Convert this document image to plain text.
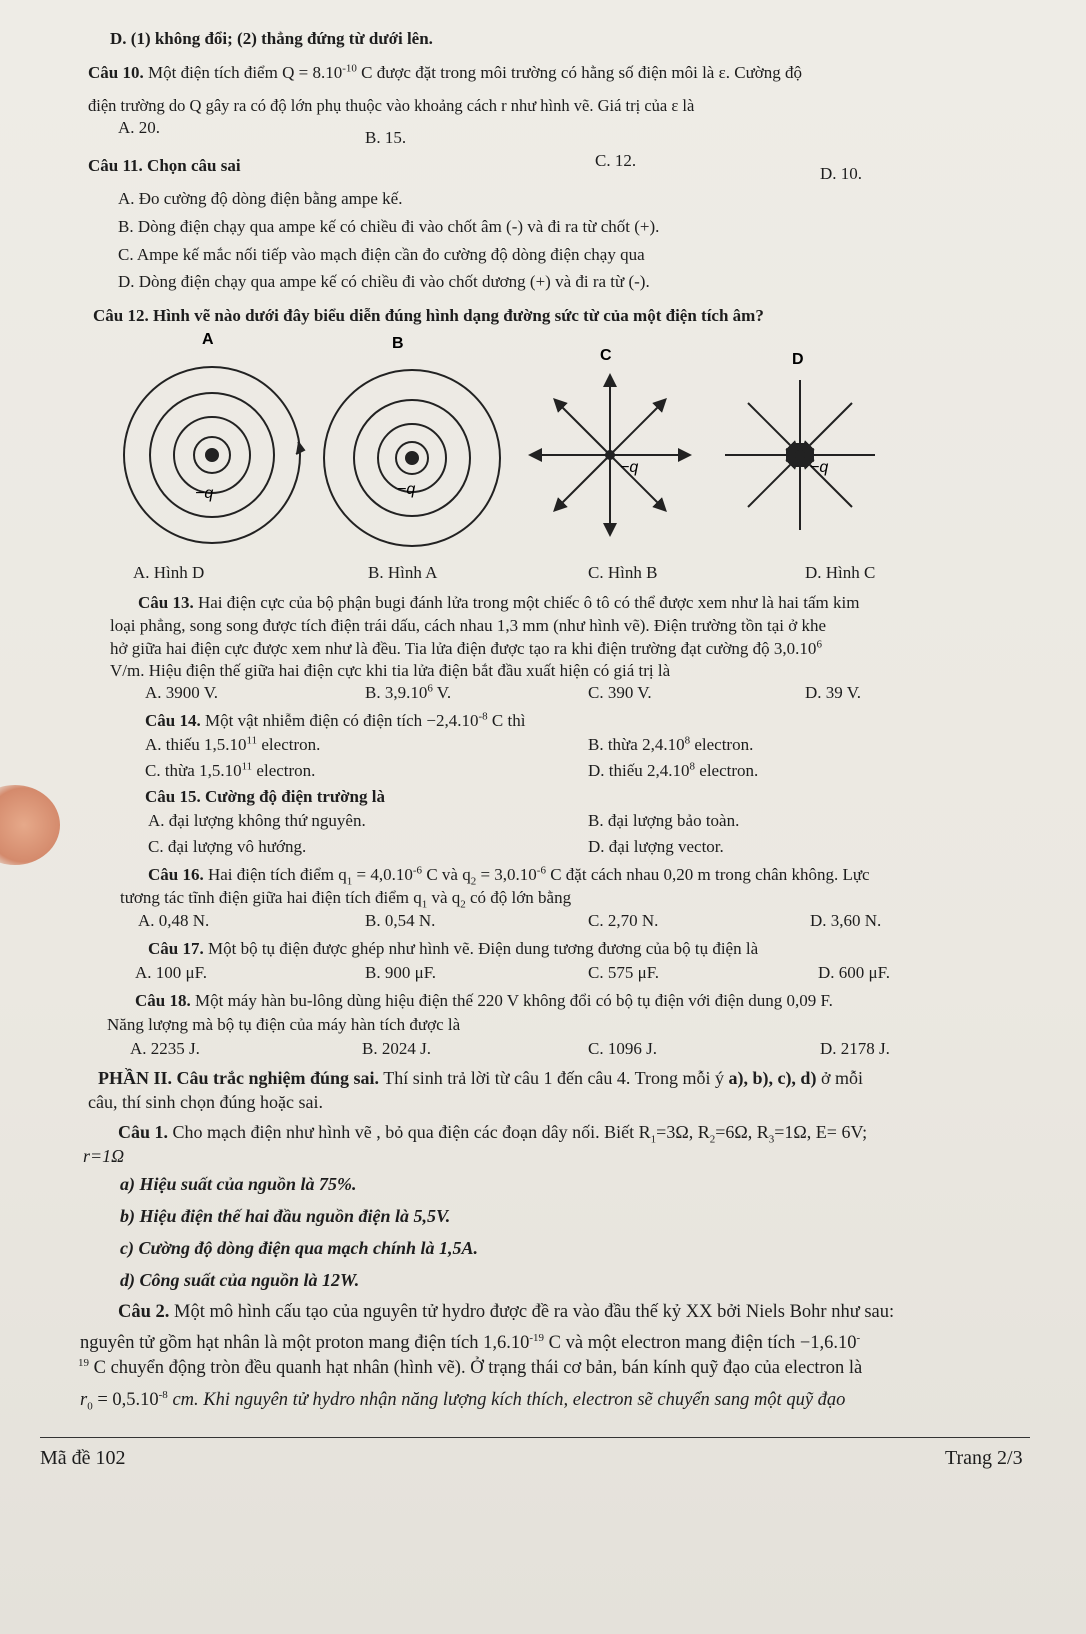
D. (1) không đổi; (2) thẳng đứng từ dưới lên.
Câu 10. Một điện tích điểm $Q = 8.10^{-10}$ C được đặt trong môi trường có hằng số điện môi là ε. Cường độ
điện trường do Q gây ra có độ lớn phụ thuộc vào khoảng cách r như hình vẽ. Giá trị của ε là
A. 20.
B. 15.
C. 12.
D. 10.
Câu 11. Chọn câu sai
A. Đo cường độ dòng điện bằng ampe kế.
B. Dòng điện chạy qua ampe kế có chiều đi vào chốt âm (-) và đi ra từ chốt (+).
C. Ampe kế mắc nối tiếp vào mạch điện cần đo cường độ dòng điện chạy qua
D. Dòng điện chạy qua ampe kế có chiều đi vào chốt dương (+) và đi ra từ (-).
Câu 12. Hình vẽ nào dưới đây biểu diễn đúng hình dạng đường sức từ của một điện tích âm?
A
−q
B
−q
C
−q
D
−q
A. Hình D	B. Hình A	C. Hình B	D. Hình C
Câu 13. Hai điện cực của bộ phận bugi đánh lửa trong một chiếc ô tô có thể được xem như là hai tấm kim
loại phẳng, song song được tích điện trái dấu, cách nhau 1,3 mm (như hình vẽ). Điện trường tồn tại ở khe
hở giữa hai điện cực được xem như là đều. Tia lửa điện được tạo ra khi điện trường đạt cường độ 3,0.10$^6$
V/m. Hiệu điện thế giữa hai điện cực khi tia lửa điện bắt đầu xuất hiện có giá trị là
A. 3900 V.	B. 3,9.10$^6$ V.	C. 390 V.	D. 39 V.
Câu 14. Một vật nhiễm điện có điện tích $-2,4.10^{-8}$ C thì
A. thiếu 1,5.10$^{11}$ electron.	B. thừa 2,4.10$^8$ electron.
C. thừa 1,5.10$^{11}$ electron.	D. thiếu 2,4.10$^8$ electron.
Câu 15. Cường độ điện trường là
A. đại lượng không thứ nguyên.	B. đại lượng bảo toàn.
C. đại lượng vô hướng.	D. đại lượng vector.
Câu 16. Hai điện tích điểm $q_1 = 4,0.10^{-6}$ C và $q_2 = 3,0.10^{-6}$ C đặt cách nhau 0,20 m trong chân không. Lực
tương tác tĩnh điện giữa hai điện tích điểm $q_1$ và $q_2$ có độ lớn bằng
A. 0,48 N.	B. 0,54 N.	C. 2,70 N.	D. 3,60 N.
Câu 17. Một bộ tụ điện được ghép như hình vẽ. Điện dung tương đương của bộ tụ điện là
A. 100 μF.	B. 900 μF.	C. 575 μF.	D. 600 μF.
Câu 18. Một máy hàn bu-lông dùng hiệu điện thế 220 V không đổi có bộ tụ điện với điện dung 0,09 F.
Năng lượng mà bộ tụ điện của máy hàn tích được là
A. 2235 J.	B. 2024 J.	C. 1096 J.	D. 2178 J.
PHẦN II. Câu trắc nghiệm đúng sai. Thí sinh trả lời từ câu 1 đến câu 4. Trong mỗi ý a), b), c), d) ở mỗi
câu, thí sinh chọn đúng hoặc sai.
Câu 1. Cho mạch điện như hình vẽ , bỏ qua điện các đoạn dây nối. Biết $R_1=3\Omega$, $R_2=6\Omega$, $R_3=1\Omega$, E= 6V;
r=1Ω
a) Hiệu suất của nguồn là 75%.
b) Hiệu điện thế hai đầu nguồn điện là 5,5V.
c) Cường độ dòng điện qua mạch chính là 1,5A.
d) Công suất của nguồn là 12W.
Câu 2. Một mô hình cấu tạo của nguyên tử hydro được đề ra vào đầu thế kỷ XX bởi Niels Bohr như sau:
nguyên tử gồm hạt nhân là một proton mang điện tích $1,6.10^{-19}$ C và một electron mang điện tích −1,6.10-
$^{19}$ C chuyển động tròn đều quanh hạt nhân (hình vẽ). Ở trạng thái cơ bản, bán kính quỹ đạo của electron là
$r_0 = 0,5.10^{-8}$ cm. Khi nguyên tử hydro nhận năng lượng kích thích, electron sẽ chuyển sang một quỹ đạo
Mã đề 102	Trang 2/3
